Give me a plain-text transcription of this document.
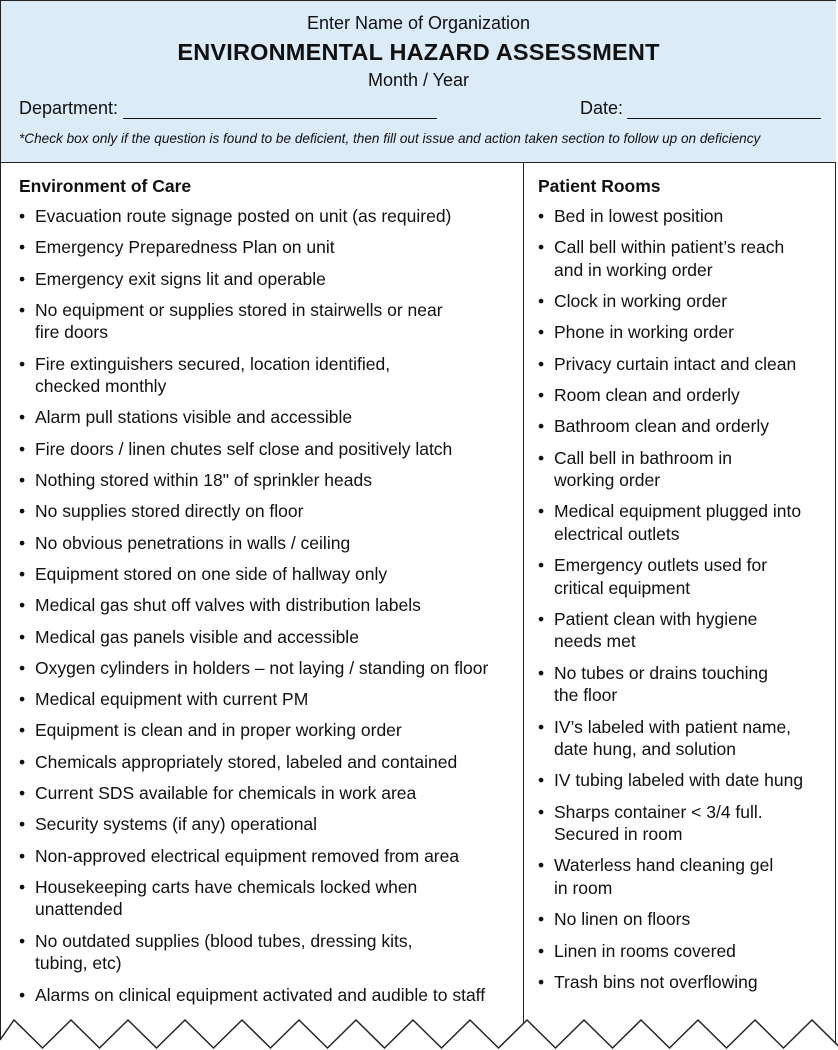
Enter Name of Organization
ENVIRONMENTAL HAZARD ASSESSMENT
Month / Year
Department:	Date:
*Check box only if the question is found to be deficient, then fill out issue and action taken section to follow up on deficiency
Environment of Care
• Evacuation route signage posted on unit (as required)
• Emergency Preparedness Plan on unit
• Emergency exit signs lit and operable
• No equipment or supplies stored in stairwells or near
fire doors
• Fire extinguishers secured, location identified,
checked monthly
• Alarm pull stations visible and accessible
• Fire doors / linen chutes self close and positively latch
• Nothing stored within 18" of sprinkler heads
• No supplies stored directly on floor
• No obvious penetrations in walls / ceiling
• Equipment stored on one side of hallway only
• Medical gas shut off valves with distribution labels
• Medical gas panels visible and accessible
• Oxygen cylinders in holders – not laying / standing on floor
• Medical equipment with current PM
• Equipment is clean and in proper working order
• Chemicals appropriately stored, labeled and contained
• Current SDS available for chemicals in work area
• Security systems (if any) operational
• Non-approved electrical equipment removed from area
• Housekeeping carts have chemicals locked when
unattended
• No outdated supplies (blood tubes, dressing kits,
tubing, etc)
• Alarms on clinical equipment activated and audible to staff
Patient Rooms
• Bed in lowest position
• Call bell within patient’s reach
and in working order
• Clock in working order
• Phone in working order
• Privacy curtain intact and clean
• Room clean and orderly
• Bathroom clean and orderly
• Call bell in bathroom in
working order
• Medical equipment plugged into
electrical outlets
• Emergency outlets used for
critical equipment
• Patient clean with hygiene
needs met
• No tubes or drains touching
the floor
• IV’s labeled with patient name,
date hung, and solution
• IV tubing labeled with date hung
• Sharps container < 3/4 full.
Secured in room
• Waterless hand cleaning gel
in room
• No linen on floors
• Linen in rooms covered
• Trash bins not overflowing
